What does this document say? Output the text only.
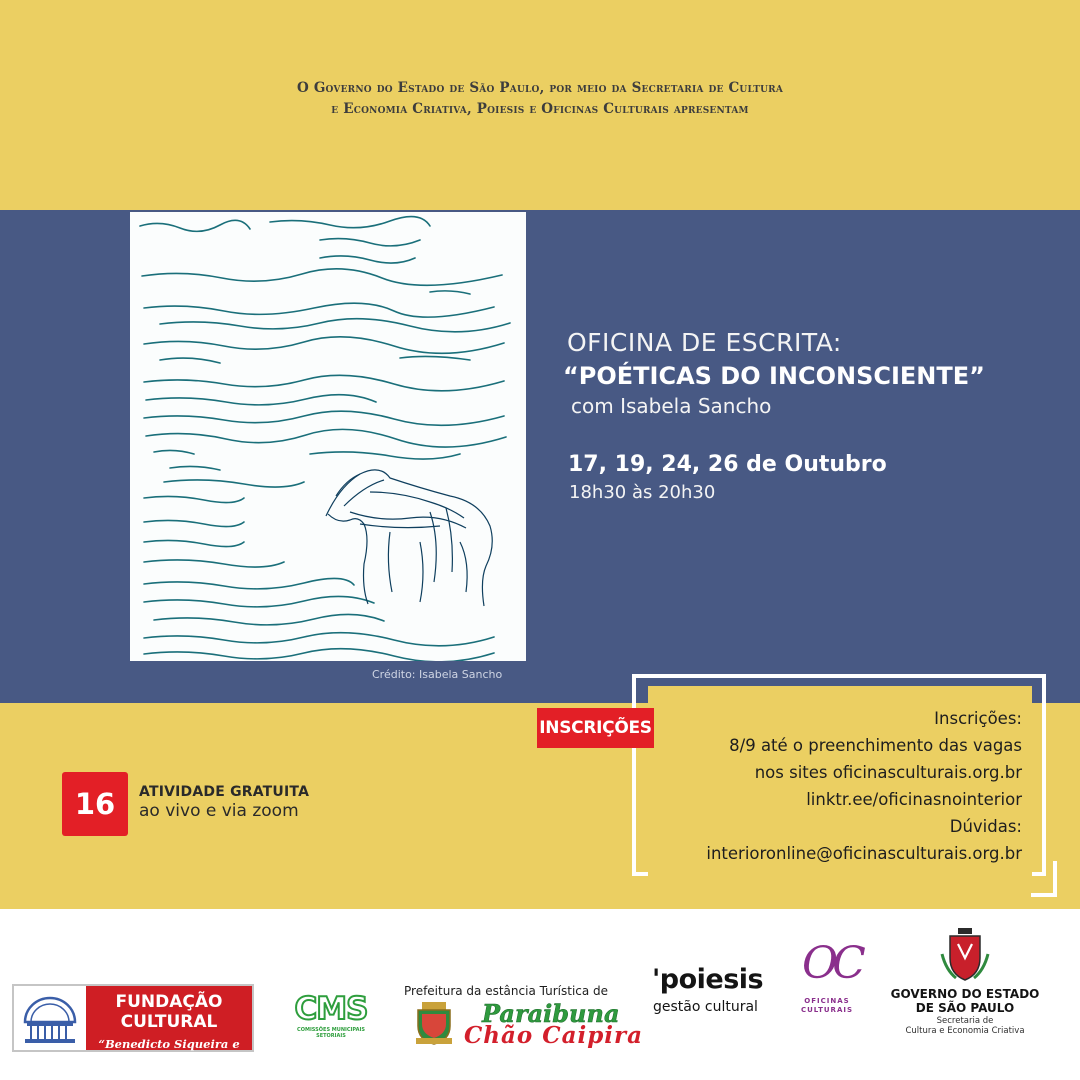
O Governo do Estado de São Paulo, por meio da Secretaria de Cultura
e Economia Criativa, Poiesis e Oficinas Culturais apresentam
Crédito: Isabela Sancho
OFICINA DE ESCRITA:
“POÉTICAS DO INCONSCIENTE”
com Isabela Sancho
17, 19, 24, 26 de Outubro
18h30 às 20h30
Inscrições:
8/9 até o preenchimento das vagas
nos sites oficinasculturais.org.br
linktr.ee/oficinasnointerior
Dúvidas:
interioronline@oficinasculturais.org.br
INSCRIÇÕES
16	ATIVIDADE GRATUITA
ao vivo e via zoom
FUNDAÇÃO CULTURAL
“Benedicto Siqueira e Silva”
CMS
COMISSÕES MUNICIPAIS SETORIAIS
Prefeitura da estância Turística de
Paraibuna
Chão Caipira
'poiesis
gestão cultural
OC
OFICINAS
CULTURAIS
GOVERNO DO ESTADO
DE SÃO PAULO
Secretaria de
Cultura e Economia Criativa
